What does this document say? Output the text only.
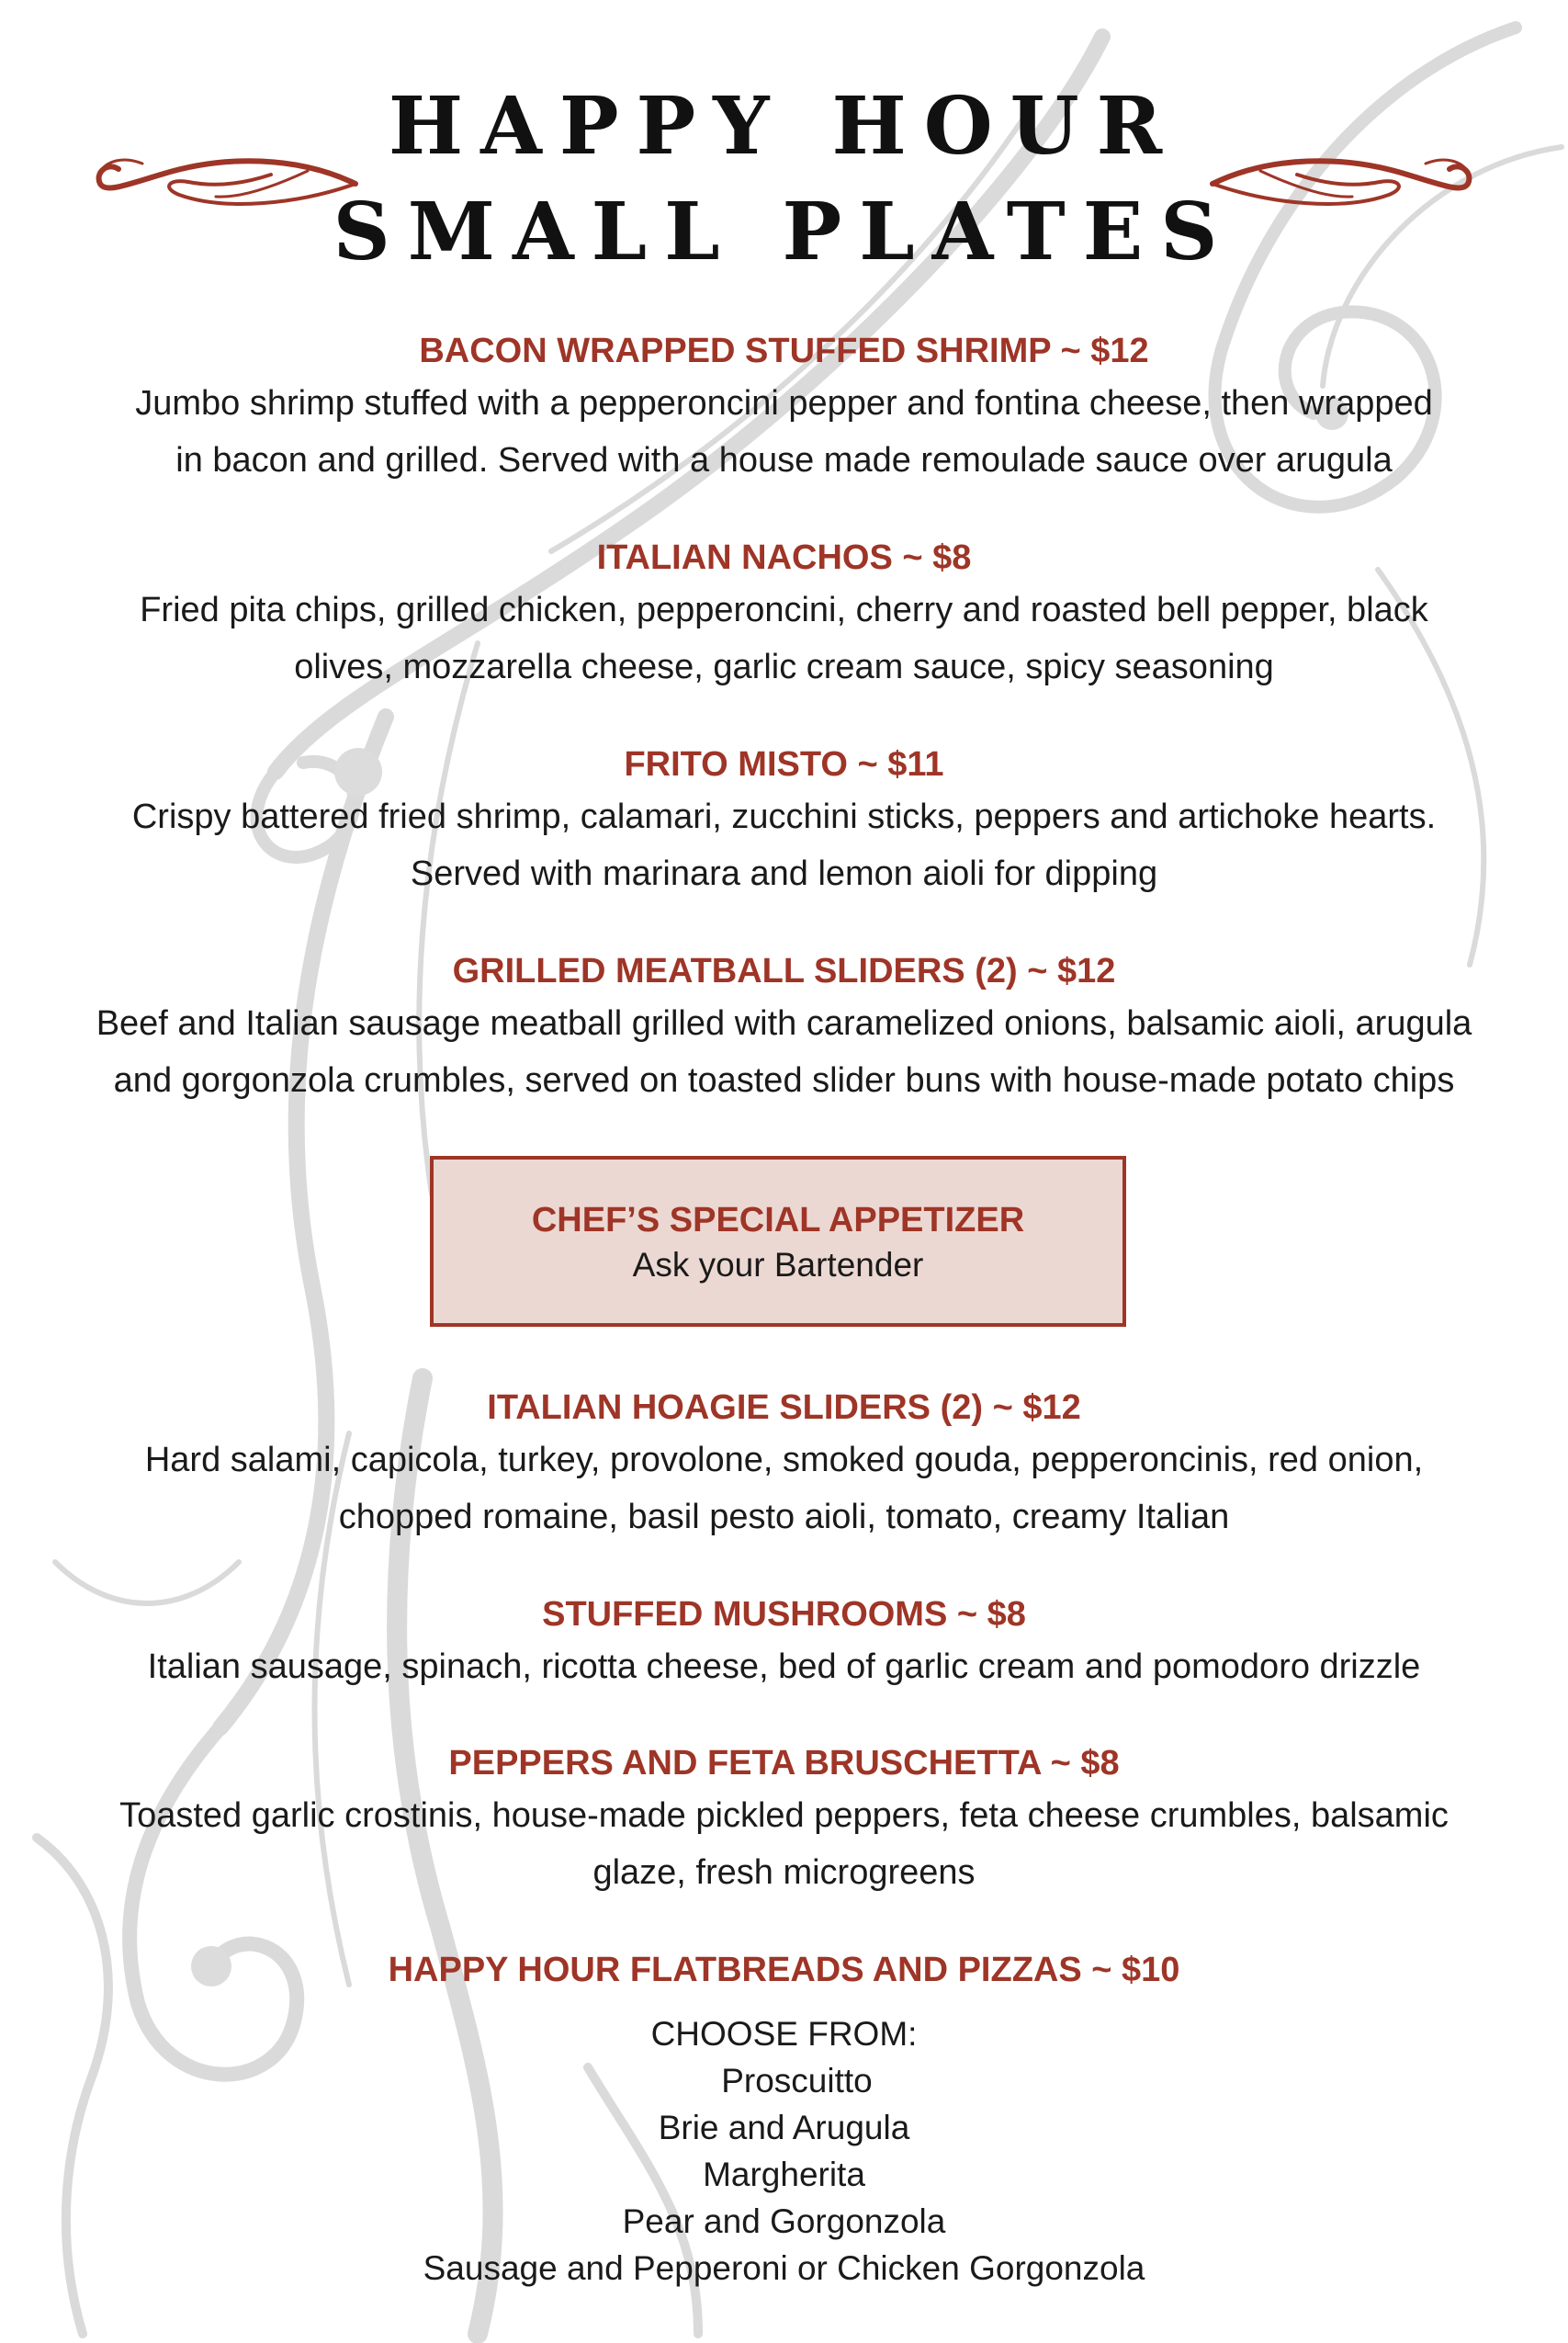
HAPPY HOUR
SMALL PLATES
BACON WRAPPED STUFFED SHRIMP ~ $12
Jumbo shrimp stuffed with a pepperoncini pepper and fontina cheese, then wrapped
in bacon and grilled. Served with a house made remoulade sauce over arugula
ITALIAN NACHOS ~ $8
Fried pita chips, grilled chicken, pepperoncini, cherry and roasted bell pepper, black
olives, mozzarella cheese, garlic cream sauce, spicy seasoning
FRITO MISTO ~ $11
Crispy battered fried shrimp, calamari, zucchini sticks, peppers and artichoke hearts.
Served with marinara and lemon aioli for dipping
GRILLED MEATBALL SLIDERS (2) ~ $12
Beef and Italian sausage meatball grilled with caramelized onions, balsamic aioli, arugula
and gorgonzola crumbles, served on toasted slider buns with house-made potato chips
CHEF’S SPECIAL APPETIZER
Ask your Bartender
ITALIAN HOAGIE SLIDERS (2) ~ $12
Hard salami, capicola, turkey, provolone, smoked gouda, pepperoncinis, red onion,
chopped romaine, basil pesto aioli, tomato, creamy Italian
STUFFED MUSHROOMS ~ $8
Italian sausage, spinach, ricotta cheese, bed of garlic cream and pomodoro drizzle
PEPPERS AND FETA BRUSCHETTA ~ $8
Toasted garlic crostinis, house-made pickled peppers, feta cheese crumbles, balsamic
glaze, fresh microgreens
HAPPY HOUR FLATBREADS AND PIZZAS ~ $10
CHOOSE FROM:
Proscuitto
Brie and Arugula
Margherita
Pear and Gorgonzola
Sausage and Pepperoni or Chicken Gorgonzola
